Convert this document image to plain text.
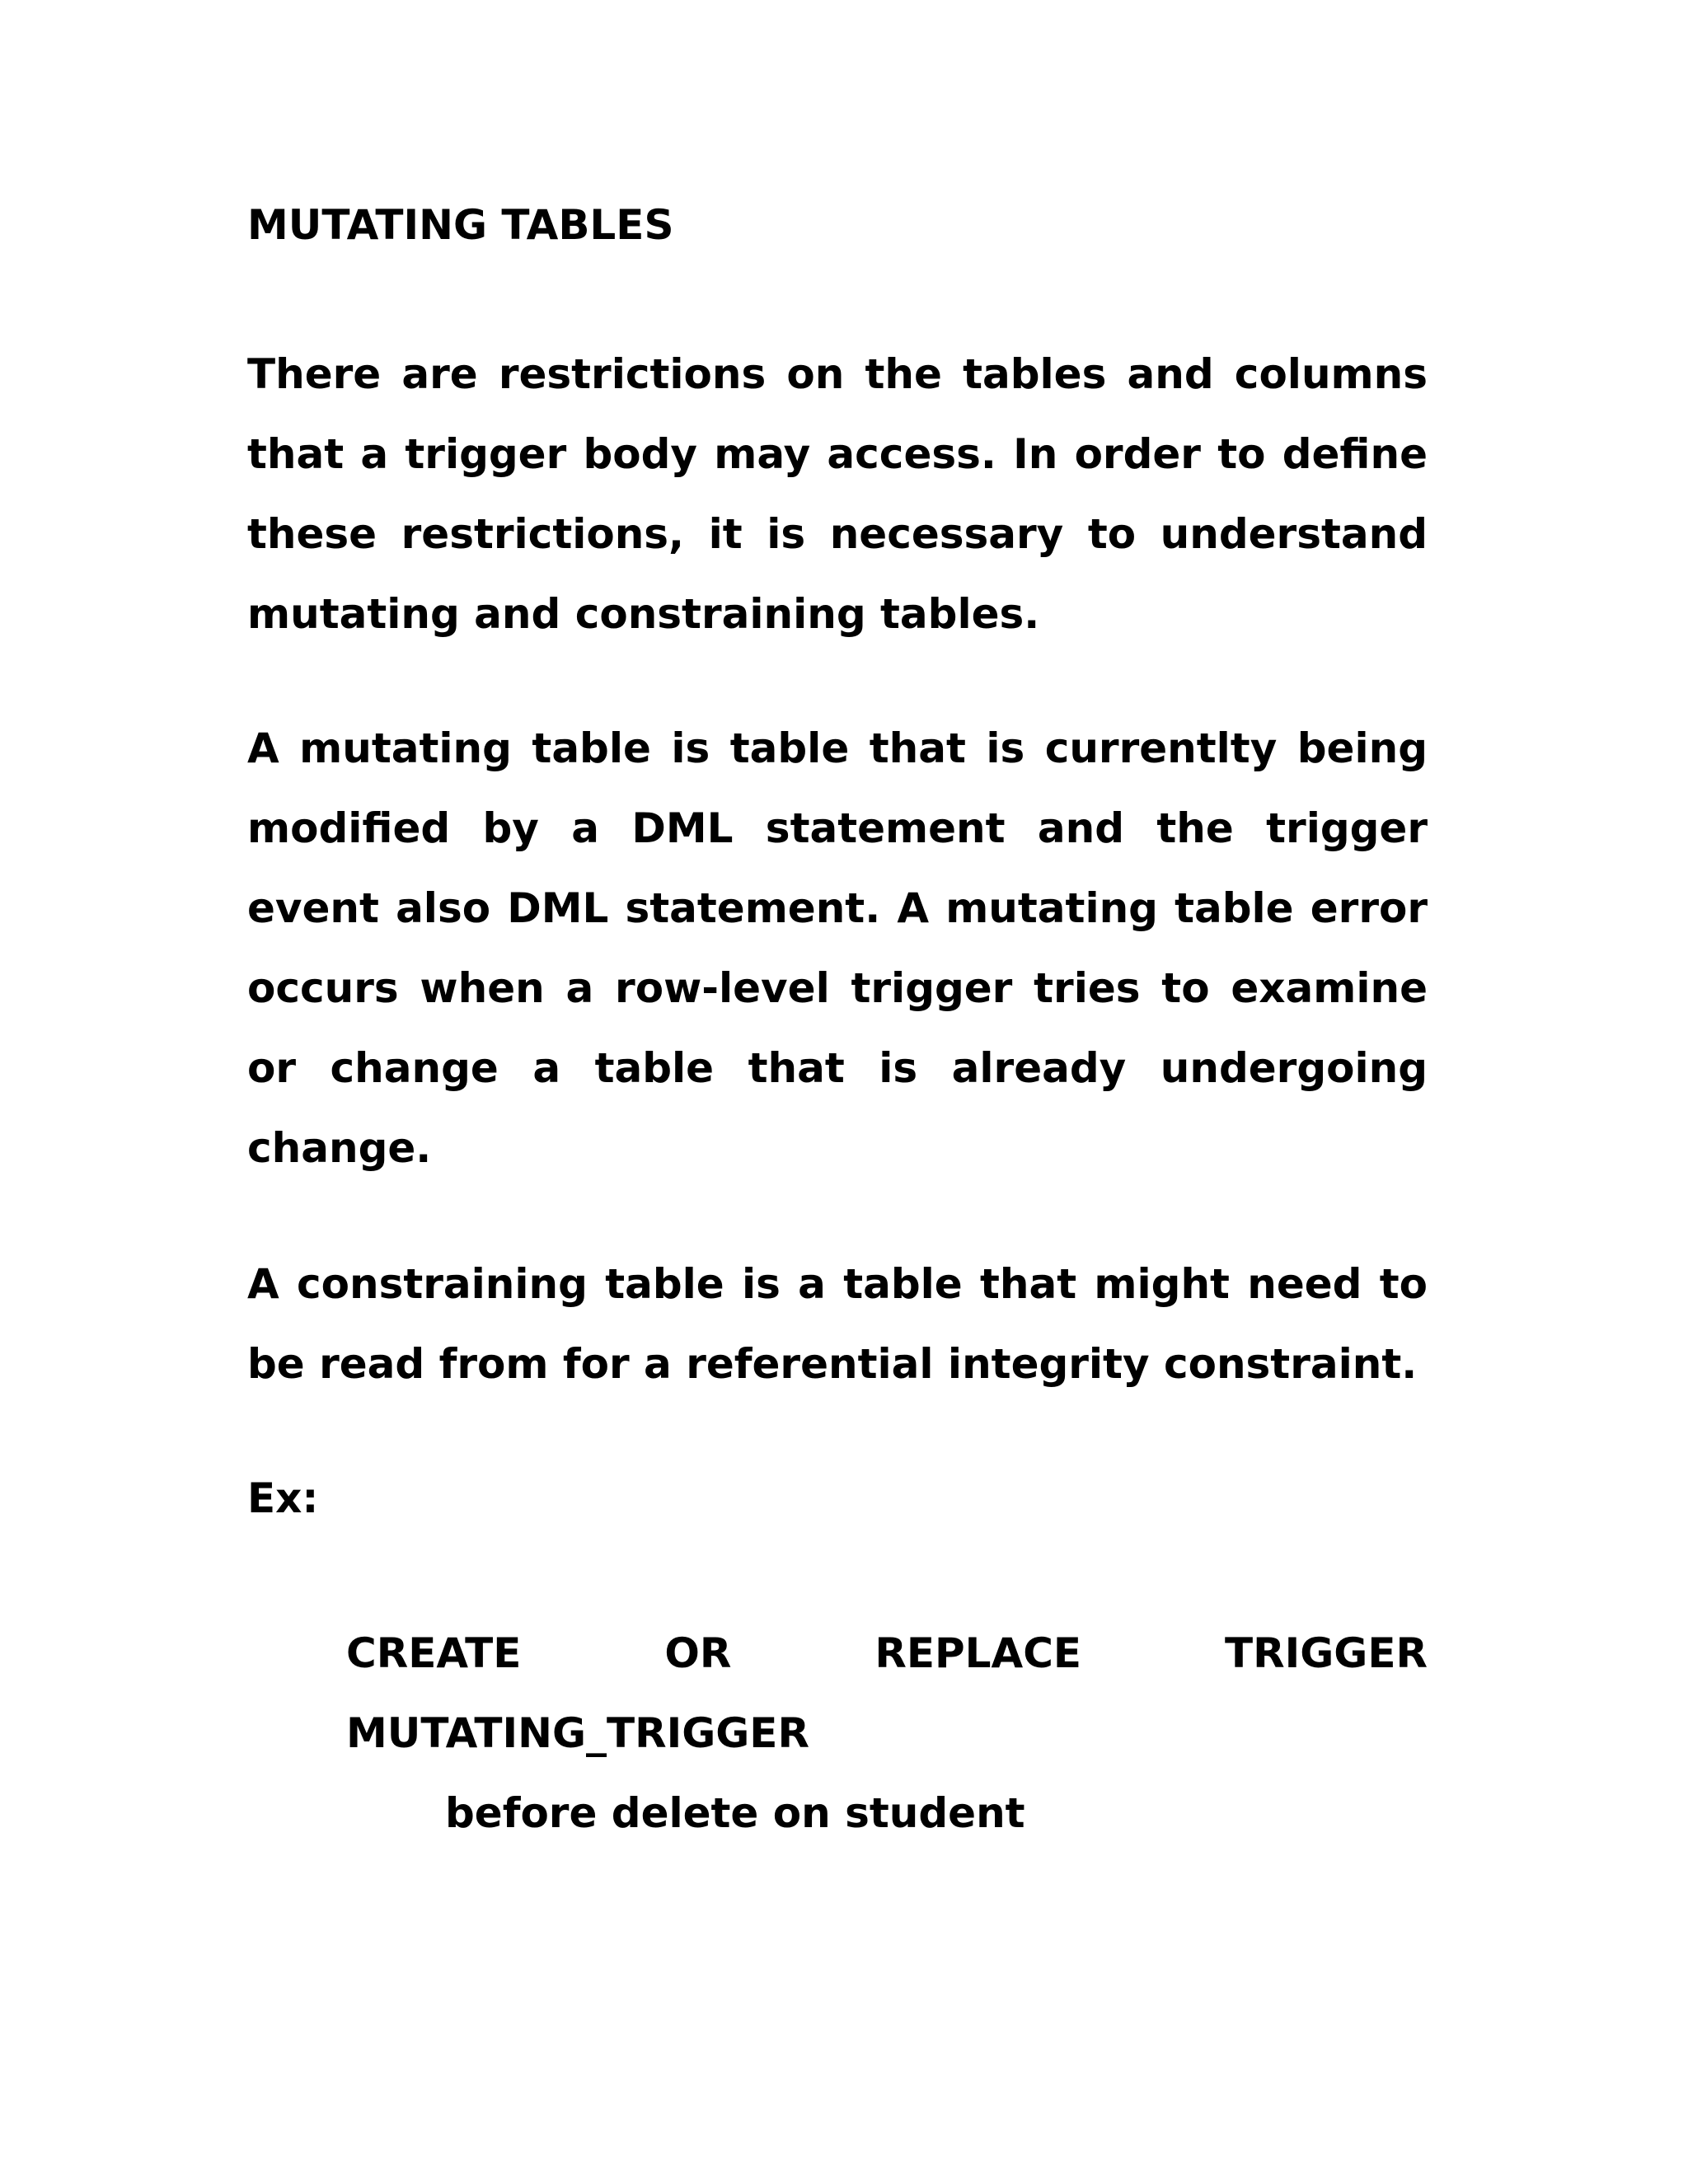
MUTATING TABLES

There are restrictions on the tables and columns that a trigger body may access. In order to define these restrictions, it is necessary to understand mutating and constraining tables.

A mutating table is table that is currentlty being modified by a DML statement and the trigger event also DML statement. A mutating table error occurs when a row-level trigger tries to examine or change a table that is already undergoing change.

A constraining table is a table that might need to be read from for a referential integrity constraint.

Ex:
CREATE OR REPLACE TRIGGER
MUTATING_TRIGGER
before delete on student
